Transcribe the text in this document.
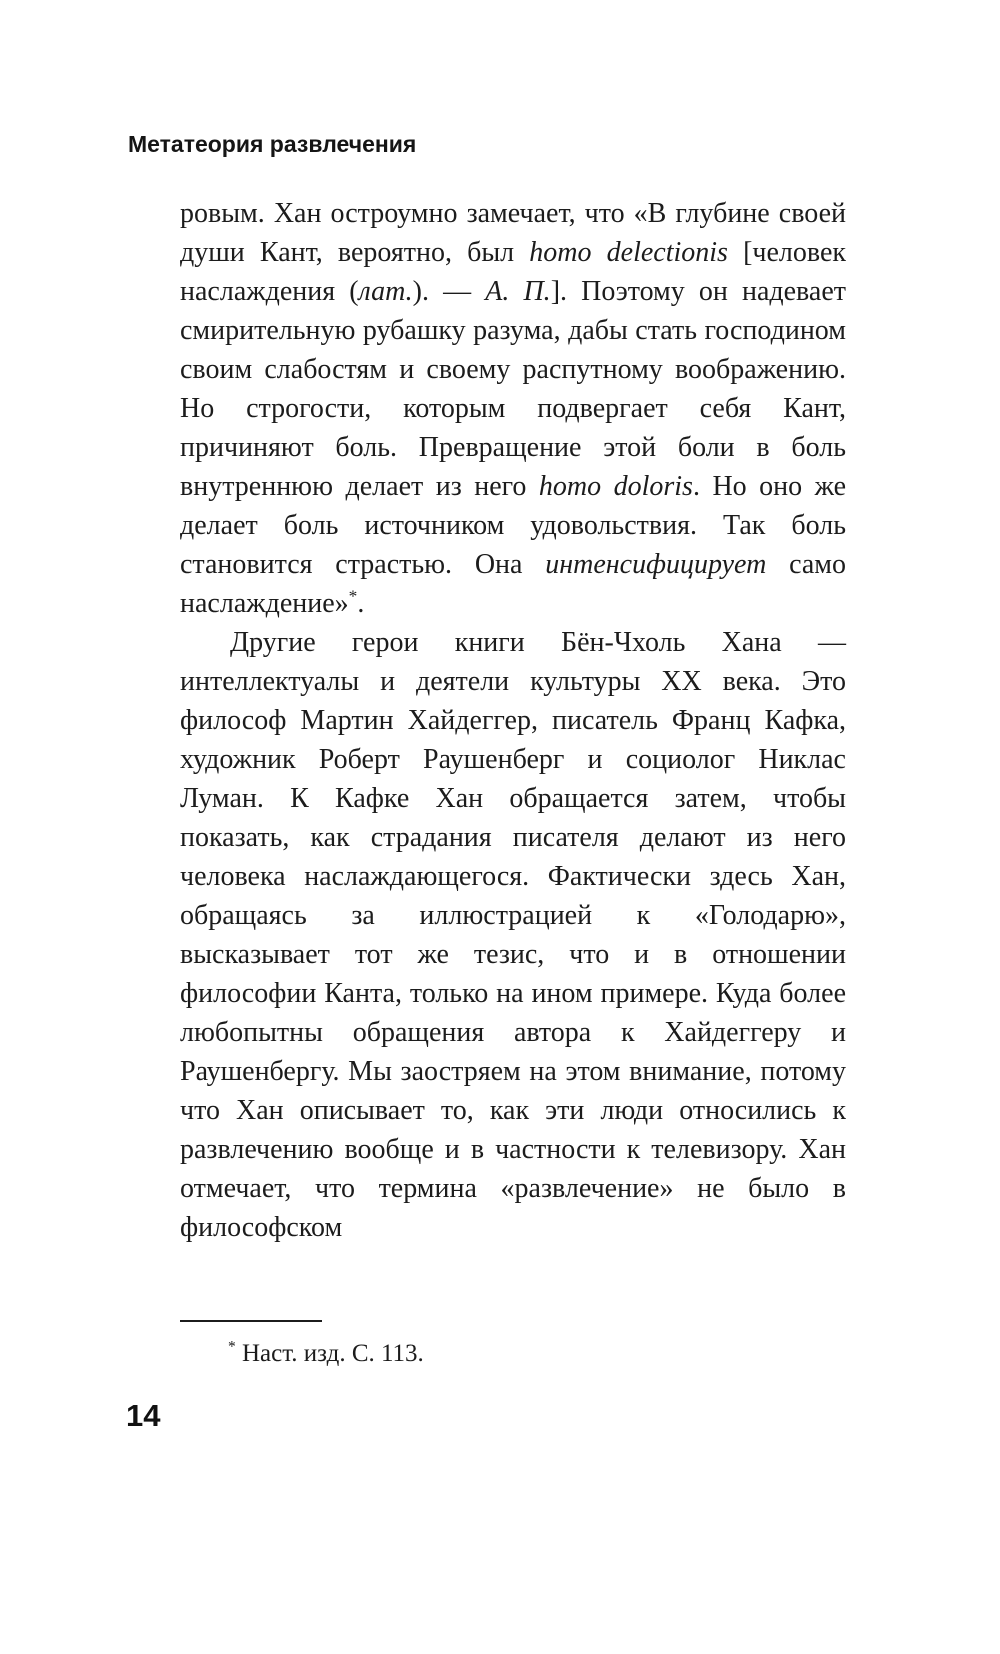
Метатеория развлечения

ровым. Хан остроумно замечает, что «В глубине своей души Кант, вероятно, был homo delectionis [человек наслаждения (лат.). — А. П.]. Поэтому он надевает смирительную рубашку разума, дабы стать господином своим слабостям и своему распутному воображению. Но строгости, которым подвергает себя Кант, причиняют боль. Превращение этой боли в боль внутреннюю делает из него homo doloris. Но оно же делает боль источником удовольствия. Так боль становится страстью. Она интенсифицирует само наслаждение»*.

Другие герои книги Бён-Чхоль Хана — интеллектуалы и деятели культуры XX века. Это философ Мартин Хайдеггер, писатель Франц Кафка, художник Роберт Раушенберг и социолог Никлас Луман. К Кафке Хан обращается затем, чтобы показать, как страдания писателя делают из него человека наслаждающегося. Фактически здесь Хан, обращаясь за иллюстрацией к «Голодарю», высказывает тот же тезис, что и в отношении философии Канта, только на ином примере. Куда более любопытны обращения автора к Хайдеггеру и Раушенбергу. Мы заостряем на этом внимание, потому что Хан описывает то, как эти люди относились к развлечению вообще и в частности к телевизору. Хан отмечает, что термина «развлечение» не было в философском

* Наст. изд. С. 113.

14
